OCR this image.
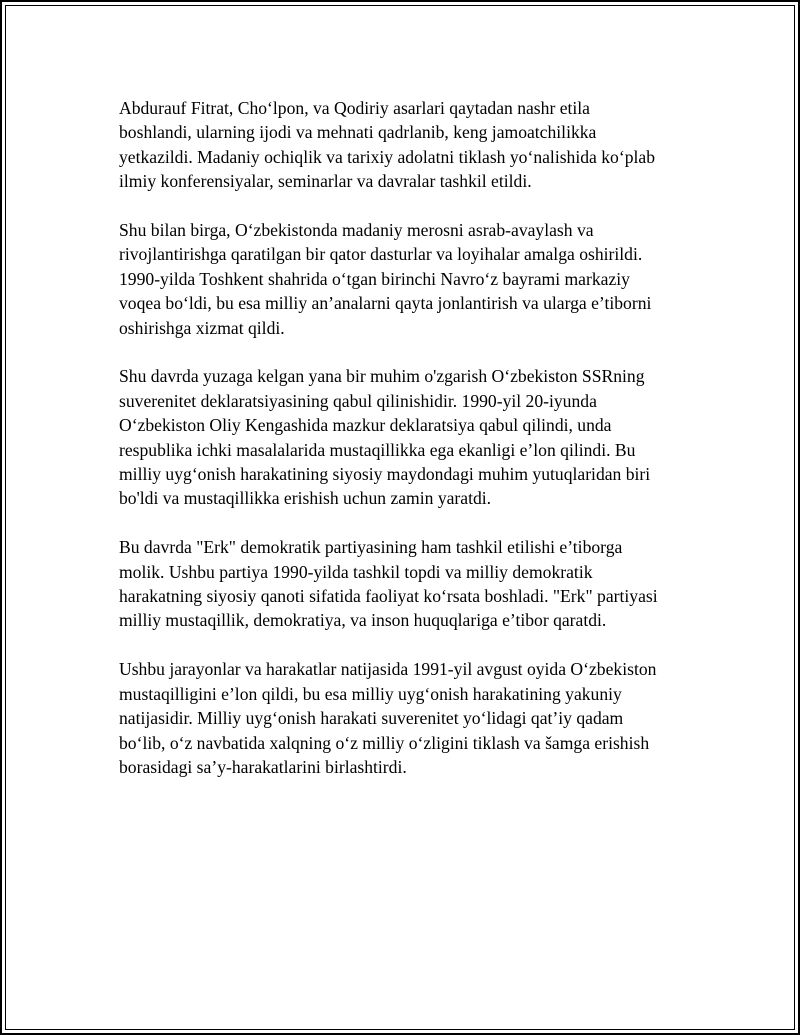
Abdurauf Fitrat, Cho‘lpon, va Qodiriy asarlari qaytadan nashr etila
boshlandi, ularning ijodi va mehnati qadrlanib, keng jamoatchilikka
yetkazildi. Madaniy ochiqlik va tarixiy adolatni tiklash yo‘nalishida ko‘plab
ilmiy konferensiyalar, seminarlar va davralar tashkil etildi.

Shu bilan birga, O‘zbekistonda madaniy merosni asrab-avaylash va
rivojlantirishga qaratilgan bir qator dasturlar va loyihalar amalga oshirildi.
1990-yilda Toshkent shahrida o‘tgan birinchi Navro‘z bayrami markaziy
voqea bo‘ldi, bu esa milliy an’analarni qayta jonlantirish va ularga e’tiborni
oshirishga xizmat qildi.

Shu davrda yuzaga kelgan yana bir muhim o'zgarish O‘zbekiston SSRning
suverenitet deklaratsiyasining qabul qilinishidir. 1990-yil 20-iyunda
O‘zbekiston Oliy Kengashida mazkur deklaratsiya qabul qilindi, unda
respublika ichki masalalarida mustaqillikka ega ekanligi e’lon qilindi. Bu
milliy uyg‘onish harakatining siyosiy maydondagi muhim yutuqlaridan biri
bo'ldi va mustaqillikka erishish uchun zamin yaratdi.

Bu davrda "Erk" demokratik partiyasining ham tashkil etilishi e’tiborga
molik. Ushbu partiya 1990-yilda tashkil topdi va milliy demokratik
harakatning siyosiy qanoti sifatida faoliyat ko‘rsata boshladi. "Erk" partiyasi
milliy mustaqillik, demokratiya, va inson huquqlariga e’tibor qaratdi.

Ushbu jarayonlar va harakatlar natijasida 1991-yil avgust oyida O‘zbekiston
mustaqilligini e’lon qildi, bu esa milliy uyg‘onish harakatining yakuniy
natijasidir. Milliy uyg‘onish harakati suverenitet yo‘lidagi qat’iy qadam
bo‘lib, o‘z navbatida xalqning o‘z milliy o‘zligini tiklash va šamga erishish
borasidagi sa’y-harakatlarini birlashtirdi.
